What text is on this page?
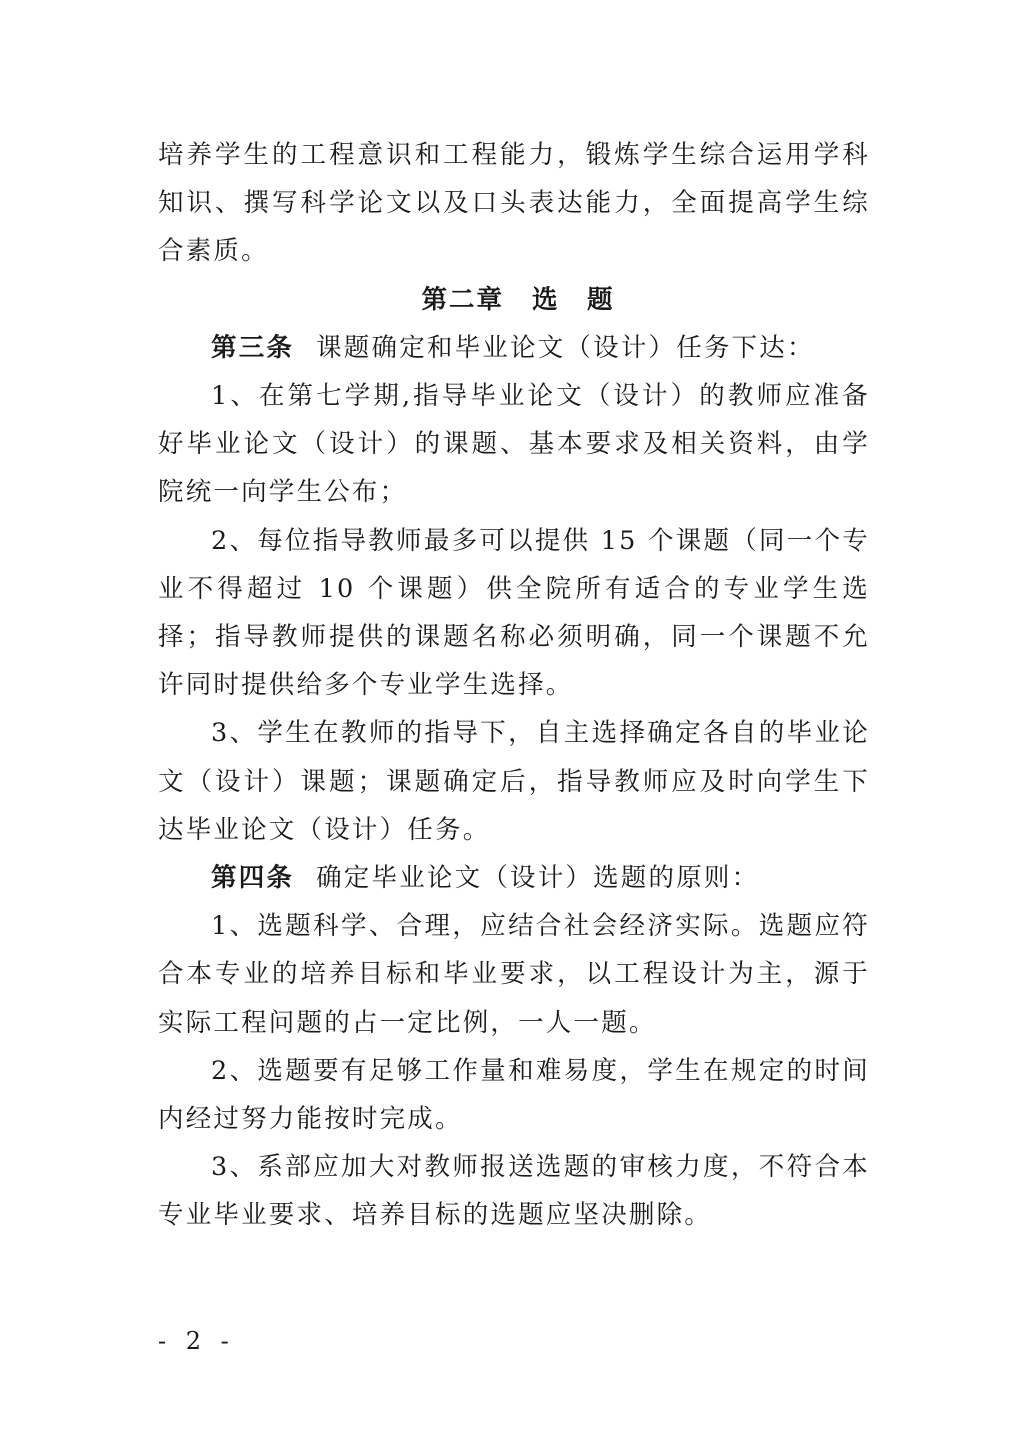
培养学生的工程意识和工程能力，锻炼学生综合运用学科知识、撰写科学论文以及口头表达能力，全面提高学生综合素质。

第二章 选　题

第三条 课题确定和毕业论文（设计）任务下达：

1、在第七学期,指导毕业论文（设计）的教师应准备好毕业论文（设计）的课题、基本要求及相关资料，由学院统一向学生公布；

2、每位指导教师最多可以提供 15 个课题（同一个专业不得超过 10 个课题）供全院所有适合的专业学生选择；指导教师提供的课题名称必须明确，同一个课题不允许同时提供给多个专业学生选择。

3、学生在教师的指导下，自主选择确定各自的毕业论文（设计）课题；课题确定后，指导教师应及时向学生下达毕业论文（设计）任务。

第四条 确定毕业论文（设计）选题的原则：

1、选题科学、合理，应结合社会经济实际。选题应符合本专业的培养目标和毕业要求，以工程设计为主，源于实际工程问题的占一定比例，一人一题。

2、选题要有足够工作量和难易度，学生在规定的时间内经过努力能按时完成。

3、系部应加大对教师报送选题的审核力度，不符合本专业毕业要求、培养目标的选题应坚决删除。

- 2 -
